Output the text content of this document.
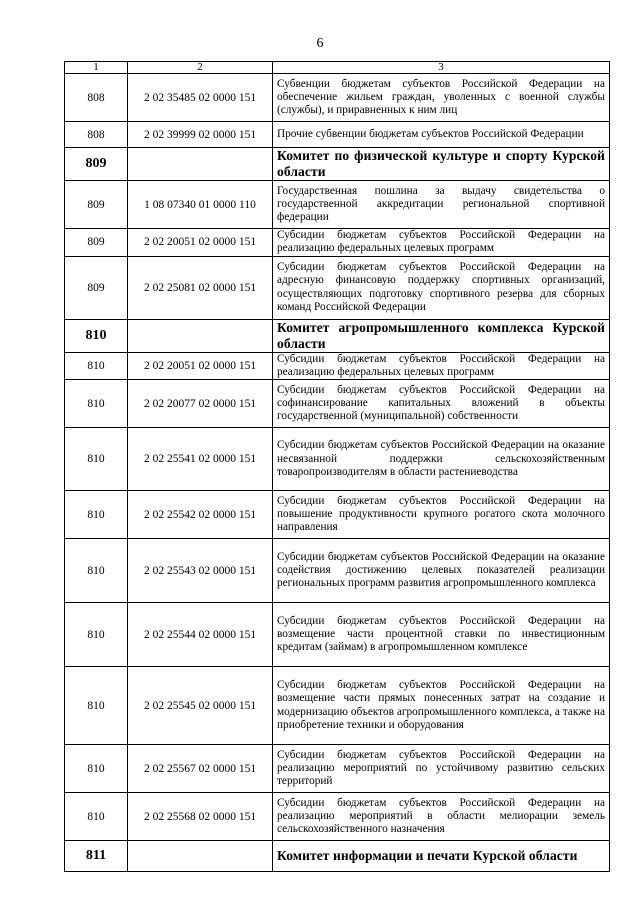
6
1	2	3
808	2 02 35485 02 0000 151	Субвенции бюджетам субъектов Российской Федерации на обеспечение жильем граждан, уволенных с военной службы (службы), и приравненных к ним лиц
808	2 02 39999 02 0000 151	Прочие субвенции бюджетам субъектов Российской Федерации
809		Комитет по физической культуре и спорту Курской области
809	1 08 07340 01 0000 110	Государственная пошлина за выдачу свидетельства о государственной аккредитации региональной спортивной федерации
809	2 02 20051 02 0000 151	Субсидии бюджетам субъектов Российской Федерации на реализацию федеральных целевых программ
809	2 02 25081 02 0000 151	Субсидии бюджетам субъектов Российской Федерации на адресную финансовую поддержку спортивных организаций, осуществляющих подготовку спортивного резерва для сборных команд Российской Федерации
810		Комитет агропромышленного комплекса Курской области
810	2 02 20051 02 0000 151	Субсидии бюджетам субъектов Российской Федерации на реализацию федеральных целевых программ
810	2 02 20077 02 0000 151	Субсидии бюджетам субъектов Российской Федерации на софинансирование капитальных вложений в объекты государственной (муниципальной) собственности
810	2 02 25541 02 0000 151	Субсидии бюджетам субъектов Российской Федерации на оказание несвязанной поддержки сельскохозяйственным товаропроизводителям в области растениеводства
810	2 02 25542 02 0000 151	Субсидии бюджетам субъектов Российской Федерации на повышение продуктивности крупного рогатого скота молочного направления
810	2 02 25543 02 0000 151	Субсидии бюджетам субъектов Российской Федерации на оказание содействия достижению целевых показателей реализации региональных программ развития агропромышленного комплекса
810	2 02 25544 02 0000 151	Субсидии бюджетам субъектов Российской Федерации на возмещение части процентной ставки по инвестиционным кредитам (займам) в агропромышленном комплексе
810	2 02 25545 02 0000 151	Субсидии бюджетам субъектов Российской Федерации на возмещение части прямых понесенных затрат на создание и модернизацию объектов агропромышленного комплекса, а также на приобретение техники и оборудования
810	2 02 25567 02 0000 151	Субсидии бюджетам субъектов Российской Федерации на реализацию мероприятий по устойчивому развитию сельских территорий
810	2 02 25568 02 0000 151	Субсидии бюджетам субъектов Российской Федерации на реализацию мероприятий в области мелиорации земель сельскохозяйственного назначения
811		Комитет информации и печати Курской области
